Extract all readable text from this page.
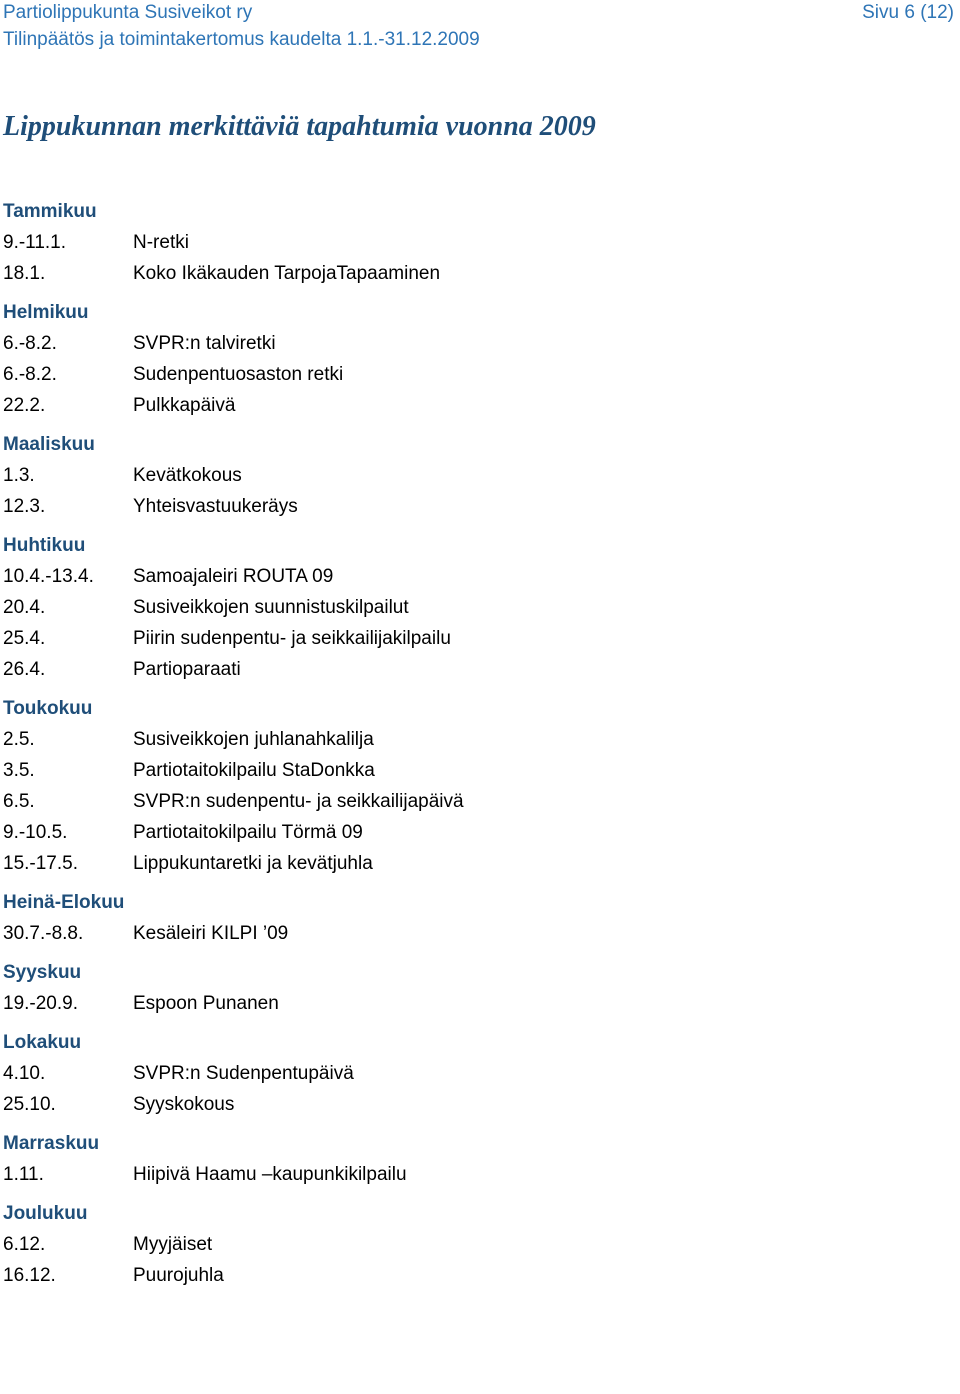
Partiolippukunta Susiveikot ry
Tilinpäätös ja toimintakertomus kaudelta 1.1.-31.12.2009
Sivu 6 (12)
Lippukunnan merkittäviä tapahtumia vuonna 2009
Tammikuu
9.-11.1.	N-retki
18.1.	Koko Ikäkauden TarpojaTapaaminen
Helmikuu
6.-8.2.	SVPR:n talviretki
6.-8.2.	Sudenpentuosaston retki
22.2.	Pulkkapäivä
Maaliskuu
1.3.	Kevätkokous
12.3.	Yhteisvastuukeräys
Huhtikuu
10.4.-13.4.	Samoajaleiri ROUTA 09
20.4.	Susiveikkojen suunnistuskilpailut
25.4.	Piirin sudenpentu- ja seikkailijakilpailu
26.4.	Partioparaati
Toukokuu
2.5.	Susiveikkojen juhlanahkalilja
3.5.	Partiotaitokilpailu StaDonkka
6.5.	SVPR:n sudenpentu- ja seikkailijapäivä
9.-10.5.	Partiotaitokilpailu Törmä 09
15.-17.5.	Lippukuntaretki ja kevätjuhla
Heinä-Elokuu
30.7.-8.8.	Kesäleiri KILPI ’09
Syyskuu
19.-20.9.	Espoon Punanen
Lokakuu
4.10.	SVPR:n Sudenpentupäivä
25.10.	Syyskokous
Marraskuu
1.11.	Hiipivä Haamu –kaupunkikilpailu
Joulukuu
6.12.	Myyjäiset
16.12.	Puurojuhla
